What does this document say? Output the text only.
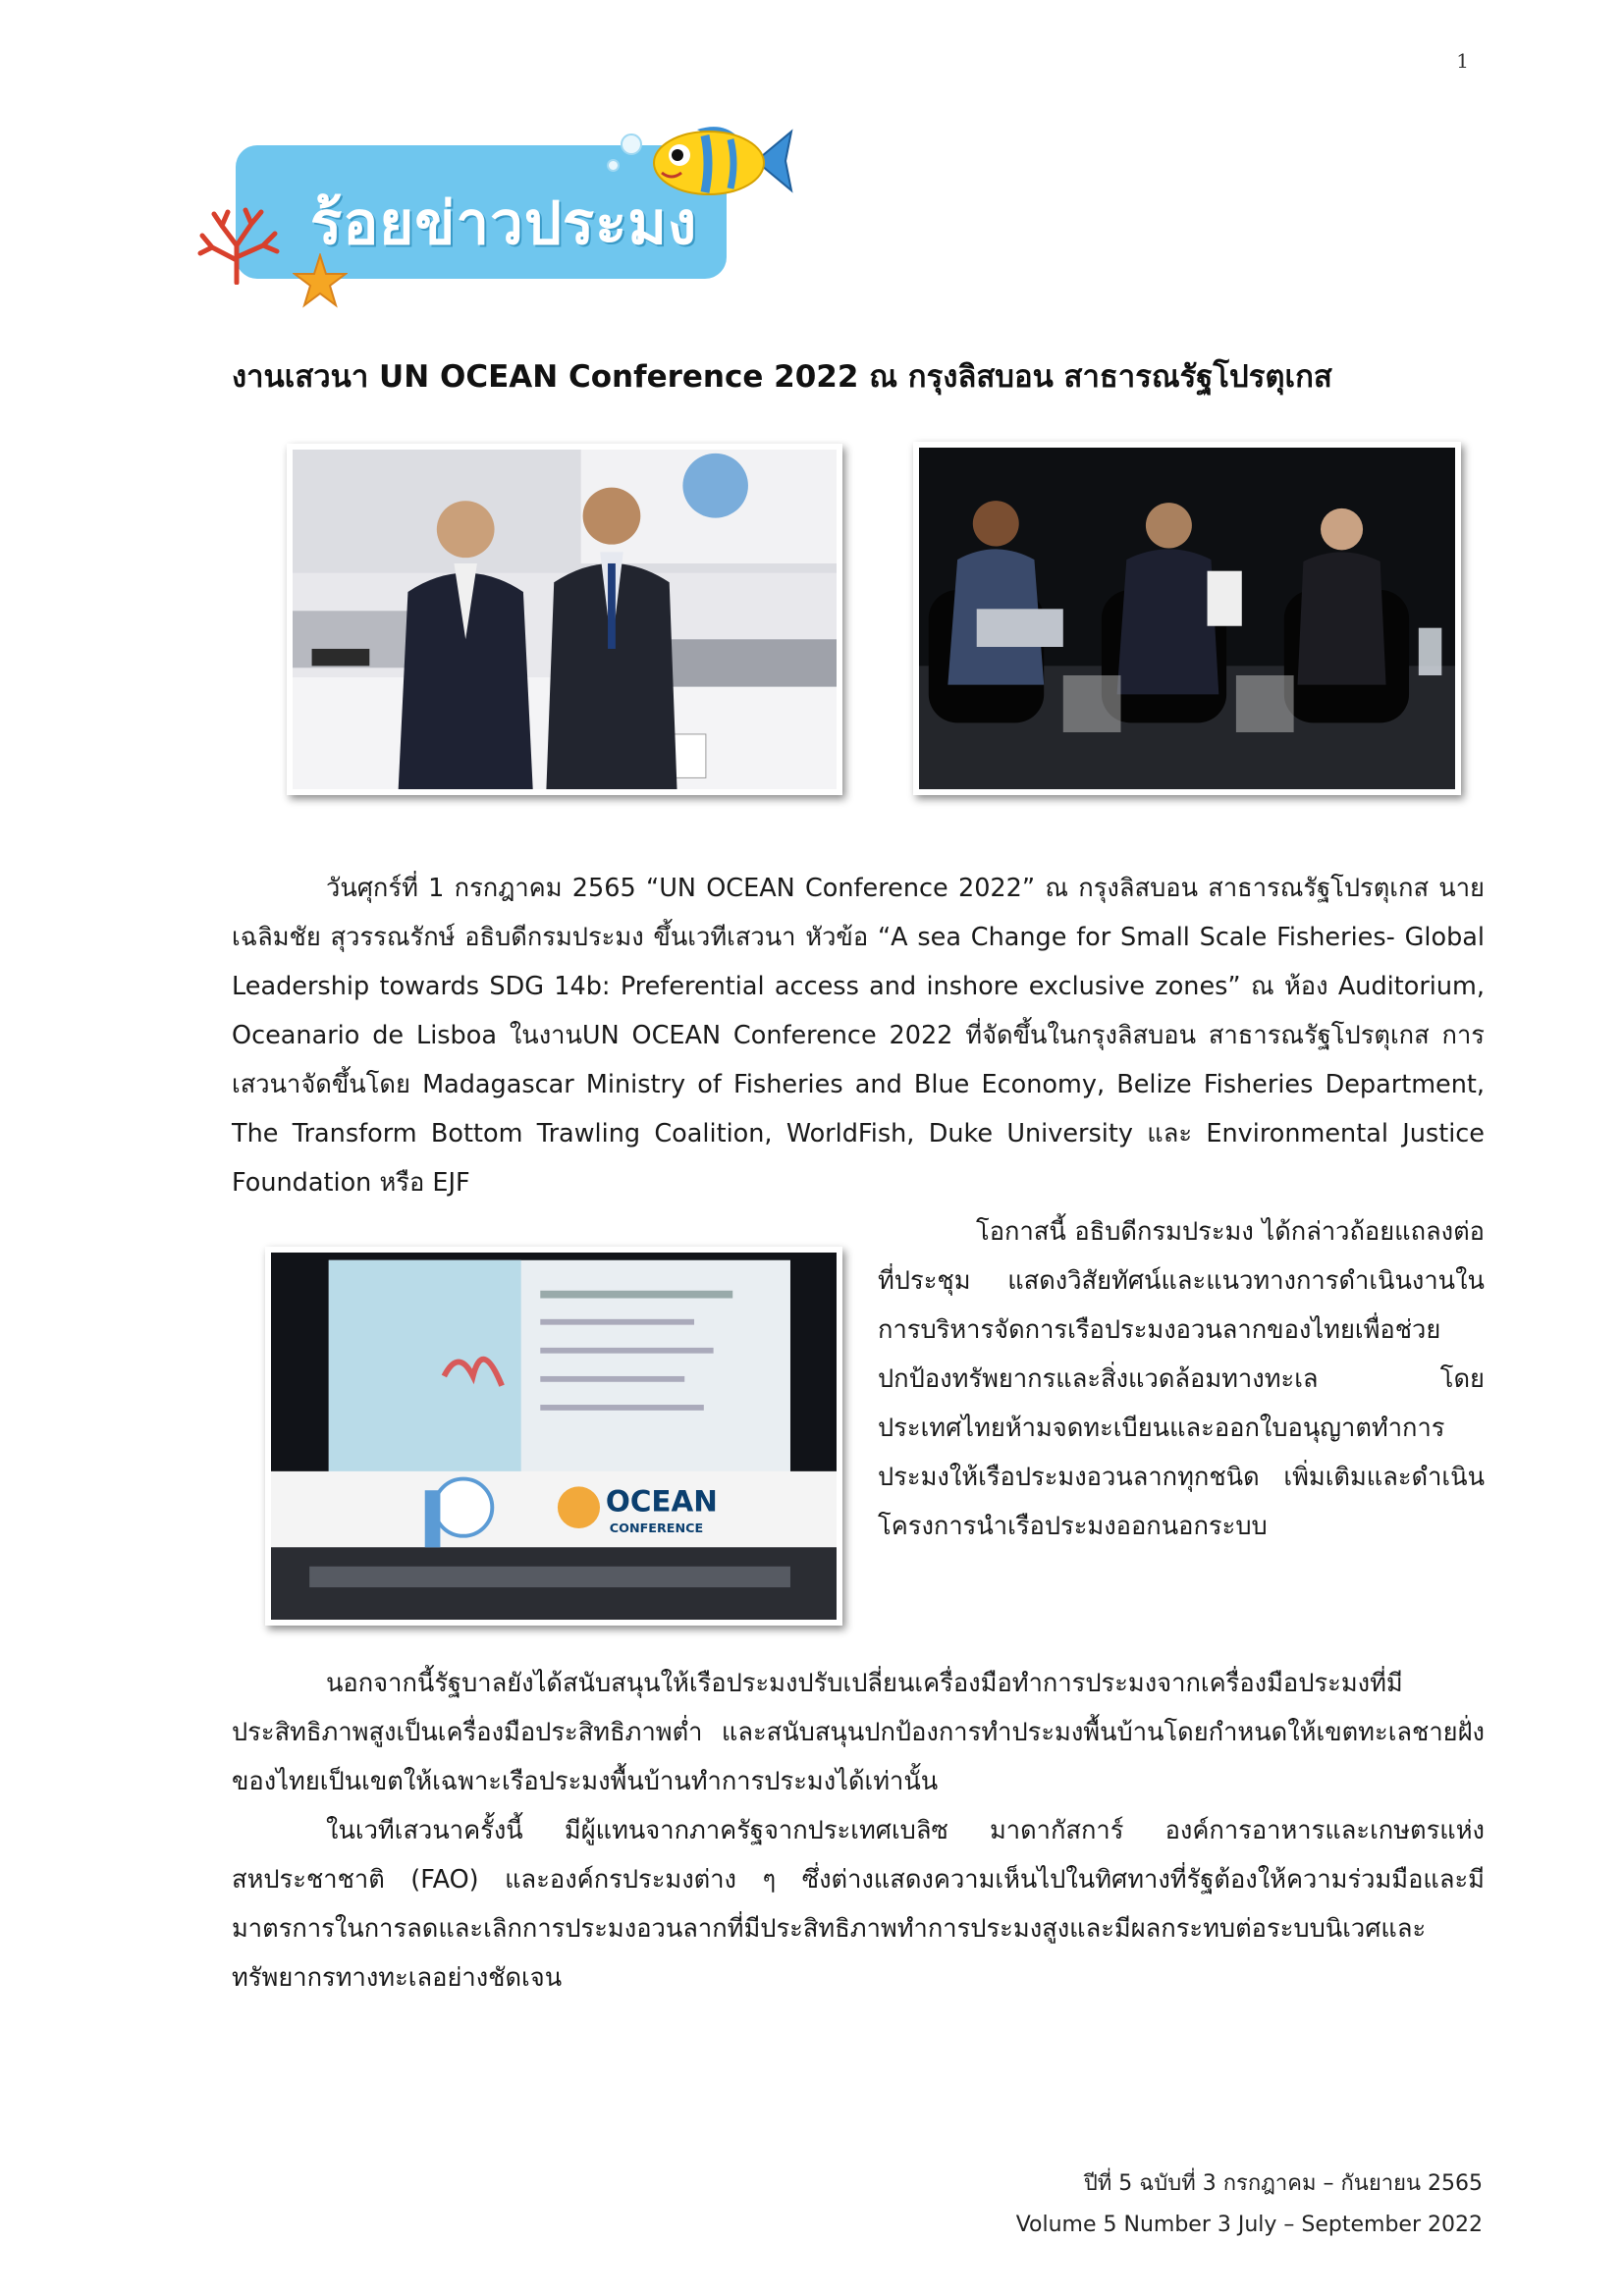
1
ร้อยข่าวประมง
งานเสวนา UN OCEAN Conference 2022 ณ กรุงลิสบอน สาธารณรัฐโปรตุเกส
OCEAN
CONFERENCE
วันศุกร์ที่ 1 กรกฎาคม 2565 “UN OCEAN Conference 2022” ณ กรุงลิสบอน สาธารณรัฐโปรตุเกส นายเฉลิมชัย สุวรรณรักษ์ อธิบดีกรมประมง ขึ้นเวทีเสวนา หัวข้อ “A sea Change for Small Scale Fisheries- Global Leadership towards SDG 14b: Preferential access and inshore exclusive zones” ณ ห้อง Auditorium, Oceanario de Lisboa ในงานUN OCEAN Conference 2022 ที่จัดขึ้นในกรุงลิสบอน สาธารณรัฐโปรตุเกส การเสวนาจัดขึ้นโดย Madagascar Ministry of Fisheries and Blue Economy, Belize Fisheries Department, The Transform Bottom Trawling Coalition, WorldFish, Duke University และ Environmental Justice Foundation หรือ EJF
โอกาสนี้ อธิบดีกรมประมง ได้กล่าวถ้อยแถลงต่อที่ประชุม แสดงวิสัยทัศน์และแนวทางการดำเนินงานในการบริหารจัดการเรือประมงอวนลากของไทยเพื่อช่วยปกป้องทรัพยากรและสิ่งแวดล้อมทางทะเล โดยประเทศไทยห้ามจดทะเบียนและออกใบอนุญาตทำการประมงให้เรือประมงอวนลากทุกชนิด เพิ่มเติมและดำเนินโครงการนำเรือประมงออกนอกระบบ
นอกจากนี้รัฐบาลยังได้สนับสนุนให้เรือประมงปรับเปลี่ยนเครื่องมือทำการประมงจากเครื่องมือประมงที่มีประสิทธิภาพสูงเป็นเครื่องมือประสิทธิภาพต่ำ และสนับสนุนปกป้องการทำประมงพื้นบ้านโดยกำหนดให้เขตทะเลชายฝั่งของไทยเป็นเขตให้เฉพาะเรือประมงพื้นบ้านทำการประมงได้เท่านั้น
ในเวทีเสวนาครั้งนี้ มีผู้แทนจากภาครัฐจากประเทศเบลิซ มาดากัสการ์ องค์การอาหารและเกษตรแห่งสหประชาชาติ (FAO) และองค์กรประมงต่าง ๆ ซึ่งต่างแสดงความเห็นไปในทิศทางที่รัฐต้องให้ความร่วมมือและมีมาตรการในการลดและเลิกการประมงอวนลากที่มีประสิทธิภาพทำการประมงสูงและมีผลกระทบต่อระบบนิเวศและทรัพยากรทางทะเลอย่างชัดเจน
ปีที่ 5 ฉบับที่ 3 กรกฎาคม – กันยายน 2565
Volume 5 Number 3 July – September 2022
